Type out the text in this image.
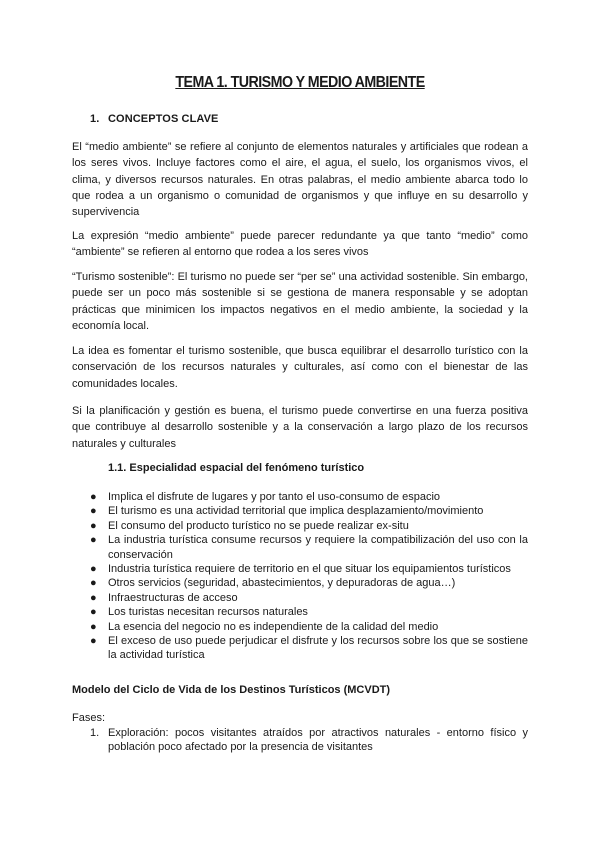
TEMA 1. TURISMO Y MEDIO AMBIENTE
1. CONCEPTOS CLAVE

El “medio ambiente” se refiere al conjunto de elementos naturales y artificiales que rodean a los seres vivos. Incluye factores como el aire, el agua, el suelo, los organismos vivos, el clima, y diversos recursos naturales. En otras palabras, el medio ambiente abarca todo lo que rodea a un organismo o comunidad de organismos y que influye en su desarrollo y supervivencia

La expresión “medio ambiente” puede parecer redundante ya que tanto “medio” como “ambiente” se refieren al entorno que rodea a los seres vivos

“Turismo sostenible”: El turismo no puede ser “per se” una actividad sostenible. Sin embargo, puede ser un poco más sostenible si se gestiona de manera responsable y se adoptan prácticas que minimicen los impactos negativos en el medio ambiente, la sociedad y la economía local.

La idea es fomentar el turismo sostenible, que busca equilibrar el desarrollo turístico con la conservación de los recursos naturales y culturales, así como con el bienestar de las comunidades locales.

Si la planificación y gestión es buena, el turismo puede convertirse en una fuerza positiva que contribuye al desarrollo sostenible y a la conservación a largo plazo de los recursos naturales y culturales

1.1. Especialidad espacial del fenómeno turístico
● Implica el disfrute de lugares y por tanto el uso-consumo de espacio
● El turismo es una actividad territorial que implica desplazamiento/movimiento
● El consumo del producto turístico no se puede realizar ex-situ
● La industria turística consume recursos y requiere la compatibilización del uso con la conservación
● Industria turística requiere de territorio en el que situar los equipamientos turísticos
● Otros servicios (seguridad, abastecimientos, y depuradoras de agua…)
● Infraestructuras de acceso
● Los turistas necesitan recursos naturales
● La esencia del negocio no es independiente de la calidad del medio
● El exceso de uso puede perjudicar el disfrute y los recursos sobre los que se sostiene la actividad turística
Modelo del Ciclo de Vida de los Destinos Turísticos (MCVDT)

Fases:

1. Exploración: pocos visitantes atraídos por atractivos naturales - entorno físico y población poco afectado por la presencia de visitantes
